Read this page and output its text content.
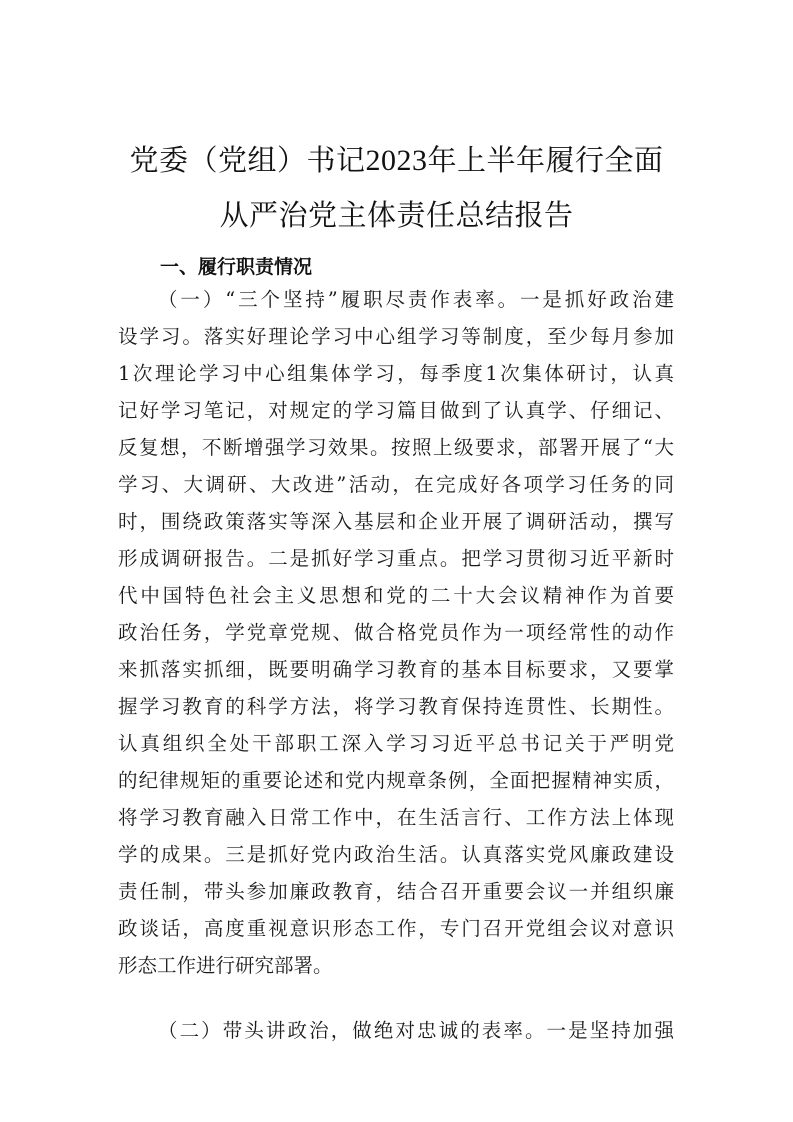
党委（党组）书记2023年上半年履行全面
从严治党主体责任总结报告
一、履行职责情况
（一）“三个坚持”履职尽责作表率。一是抓好政治建
设学习。落实好理论学习中心组学习等制度，至少每月参加
1次理论学习中心组集体学习，每季度1次集体研讨，认真
记好学习笔记，对规定的学习篇目做到了认真学、仔细记、
反复想，不断增强学习效果。按照上级要求，部署开展了“大
学习、大调研、大改进”活动，在完成好各项学习任务的同
时，围绕政策落实等深入基层和企业开展了调研活动，撰写
形成调研报告。二是抓好学习重点。把学习贯彻习近平新时
代中国特色社会主义思想和党的二十大会议精神作为首要
政治任务，学党章党规、做合格党员作为一项经常性的动作
来抓落实抓细，既要明确学习教育的基本目标要求，又要掌
握学习教育的科学方法，将学习教育保持连贯性、长期性。
认真组织全处干部职工深入学习习近平总书记关于严明党
的纪律规矩的重要论述和党内规章条例，全面把握精神实质，
将学习教育融入日常工作中，在生活言行、工作方法上体现
学的成果。三是抓好党内政治生活。认真落实党风廉政建设
责任制，带头参加廉政教育，结合召开重要会议一并组织廉
政谈话，高度重视意识形态工作，专门召开党组会议对意识
形态工作进行研究部署。
（二）带头讲政治，做绝对忠诚的表率。一是坚持加强
